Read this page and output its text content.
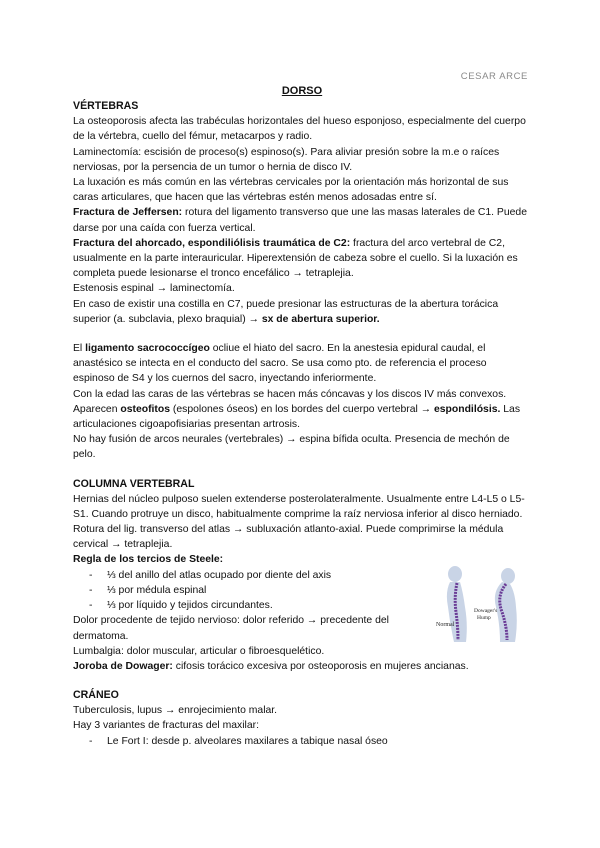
CESAR ARCE

DORSO

VÉRTEBRAS

La osteoporosis afecta las trabéculas horizontales del hueso esponjoso, especialmente del cuerpo de la vértebra, cuello del fémur, metacarpos y radio.

Laminectomía: escisión de proceso(s) espinoso(s). Para aliviar presión sobre la m.e o raíces nerviosas, por la persencia de un tumor o hernia de disco IV.

La luxación es más común en las vértebras cervicales por la orientación más horizontal de sus caras articulares, que hacen que las vértebras estén menos adosadas entre sí.

Fractura de Jeffersen: rotura del ligamento transverso que une las masas laterales de C1. Puede darse por una caída con fuerza vertical.

Fractura del ahorcado, espondiliólisis traumática de C2: fractura del arco vertebral de C2, usualmente en la parte interauricular. Hiperextensión de cabeza sobre el cuello. Si la luxación es completa puede lesionarse el tronco encefálico → tetraplejia.

Estenosis espinal → laminectomía.

En caso de existir una costilla en C7, puede presionar las estructuras de la abertura torácica superior (a. subclavia, plexo braquial) → sx de abertura superior.

El ligamento sacrococcígeo ocliue el hiato del sacro. En la anestesia epidural caudal, el anastésico se intecta en el conducto del sacro. Se usa como pto. de referencia el proceso espinoso de S4 y los cuernos del sacro, inyectando inferiormente.

Con la edad las caras de las vértebras se hacen más cóncavas y los discos IV más convexos. Aparecen osteofitos (espolones óseos) en los bordes del cuerpo vertebral → espondilósis. Las articulaciones cigoapofisiarias presentan artrosis.

No hay fusión de arcos neurales (vertebrales) → espina bífida oculta. Presencia de mechón de pelo.

COLUMNA VERTEBRAL

Hernias del núcleo pulposo suelen extenderse posterolateralmente. Usualmente entre L4-L5 o L5-S1. Cuando protruye un disco, habitualmente comprime la raíz nerviosa inferior al disco herniado.

Rotura del lig. transverso del atlas → subluxación atlanto-axial. Puede comprimirse la médula cervical → tetraplejia.

Regla de los tercios de Steele:

- ⅓ del anillo del atlas ocupado por diente del axis
- ⅓ por médula espinal
- ⅓ por líquido y tejidos circundantes.

Dolor procedente de tejido nervioso: dolor referido → precedente del dermatoma.

Normal
Dowager's
Hump

Lumbalgia: dolor muscular, articular o fibroesquelético.

Joroba de Dowager: cifosis torácico excesiva por osteoporosis en mujeres ancianas.

CRÁNEO

Tuberculosis, lupus → enrojecimiento malar.

Hay 3 variantes de fracturas del maxilar:

- Le Fort I: desde p. alveolares maxilares a tabique nasal óseo
